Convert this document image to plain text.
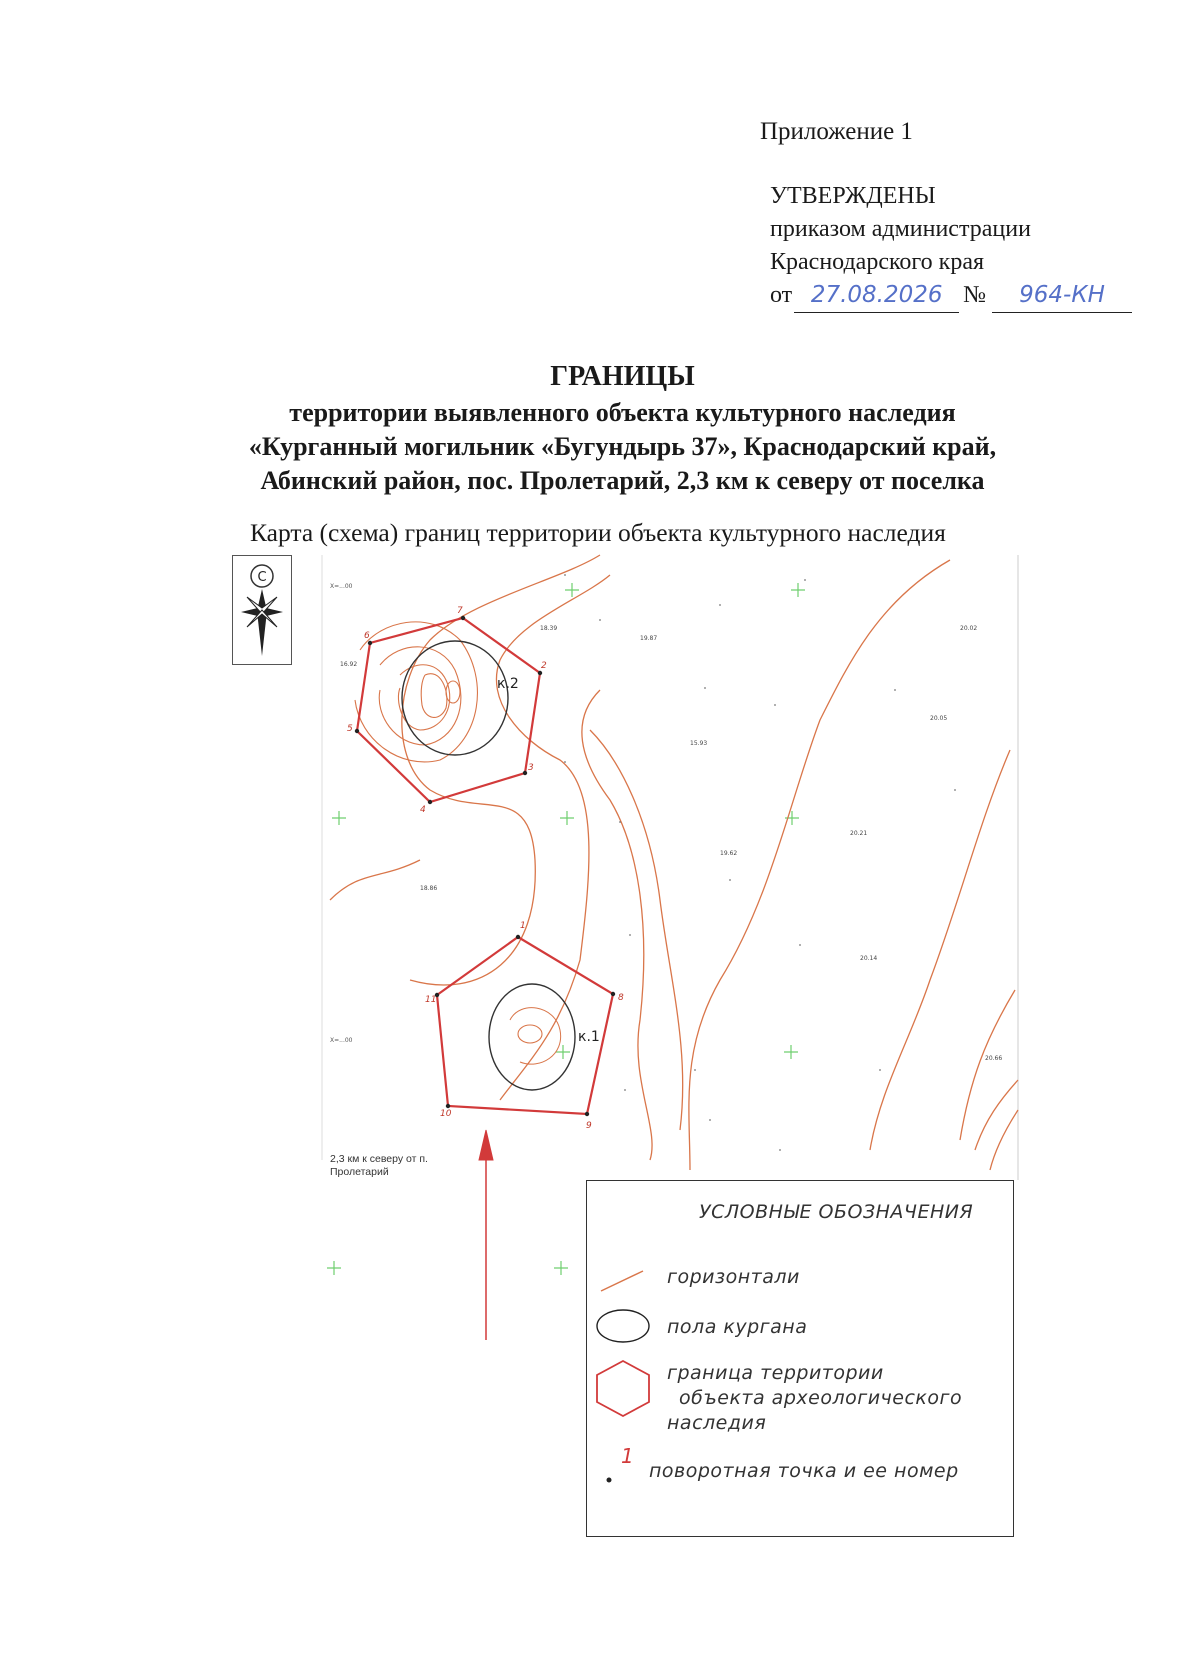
Приложение 1
УТВЕРЖДЕНЫ
приказом администрации
Краснодарского края
от 27.08.2026 № 964-КН
ГРАНИЦЫ
территории выявленного объекта культурного наследия
«Курганный могильник «Бугундырь 37», Краснодарский край,
Абинский район, пос. Пролетарий, 2,3 км к северу от поселка
Карта (схема) границ территории объекта культурного наследия
С
X=...00
X=...00
1
2
3
4
5
6
7
8
9
10
11
к.2
к.1
16.92
19.87
20.02
18.39
20.05
15.93
20.14
19.62
20.21
20.66
18.86
2,3 км к северу от п.
Пролетарий
УСЛОВНЫЕ ОБОЗНАЧЕНИЯ
1
горизонтали
пола кургана
граница территории
объекта археологического
наследия
поворотная точка и ее номер
